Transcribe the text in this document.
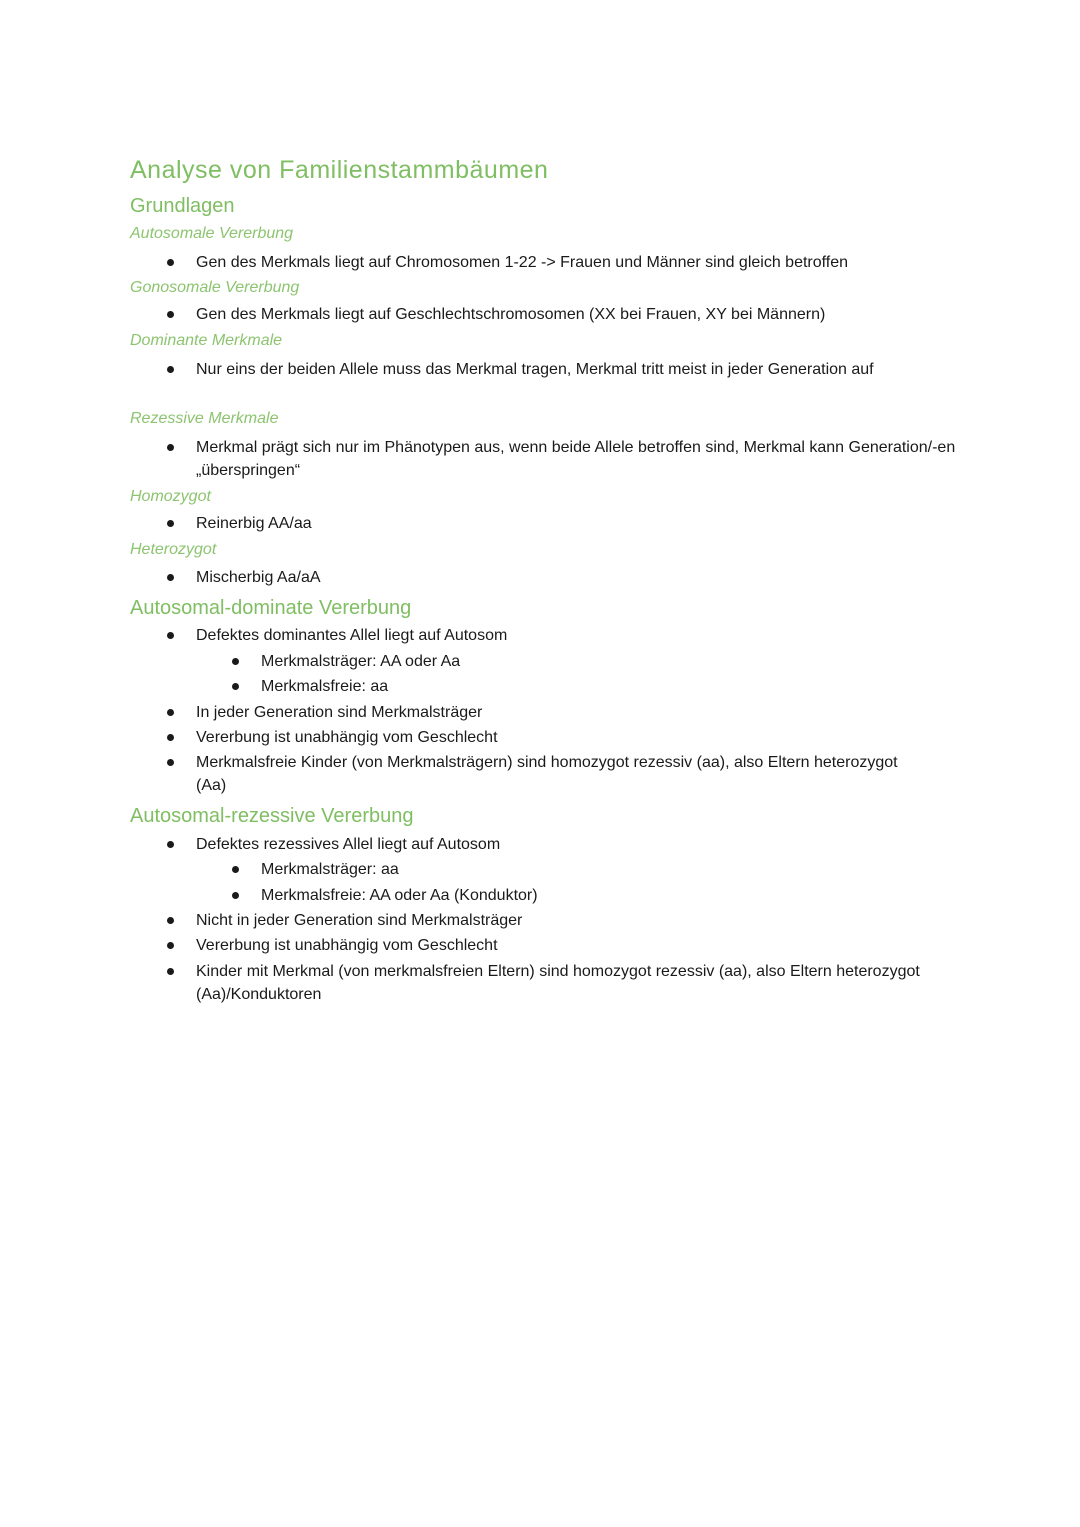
Analyse von Familienstammbäumen
Grundlagen
Autosomale Vererbung
Gen des Merkmals liegt auf Chromosomen 1-22 -> Frauen und Männer sind gleich betroffen
Gonosomale Vererbung
Gen des Merkmals liegt auf Geschlechtschromosomen (XX bei Frauen, XY bei Männern)
Dominante Merkmale
Nur eins der beiden Allele muss das Merkmal tragen, Merkmal tritt meist in jeder Generation auf
Rezessive Merkmale
Merkmal prägt sich nur im Phänotypen aus, wenn beide Allele betroffen sind, Merkmal kann Generation/-en „überspringen“
Homozygot
Reinerbig AA/aa
Heterozygot
Mischerbig Aa/aA
Autosomal-dominate Vererbung
Defektes dominantes Allel liegt auf Autosom
Merkmalsträger: AA oder Aa
Merkmalsfreie: aa
In jeder Generation sind Merkmalsträger
Vererbung ist unabhängig vom Geschlecht
Merkmalsfreie Kinder (von Merkmalsträgern) sind homozygot rezessiv (aa), also Eltern heterozygot (Aa)
Autosomal-rezessive Vererbung
Defektes rezessives Allel liegt auf Autosom
Merkmalsträger: aa
Merkmalsfreie: AA oder Aa (Konduktor)
Nicht in jeder Generation sind Merkmalsträger
Vererbung ist unabhängig vom Geschlecht
Kinder mit Merkmal (von merkmalsfreien Eltern) sind homozygot rezessiv (aa), also Eltern heterozygot (Aa)/Konduktoren
